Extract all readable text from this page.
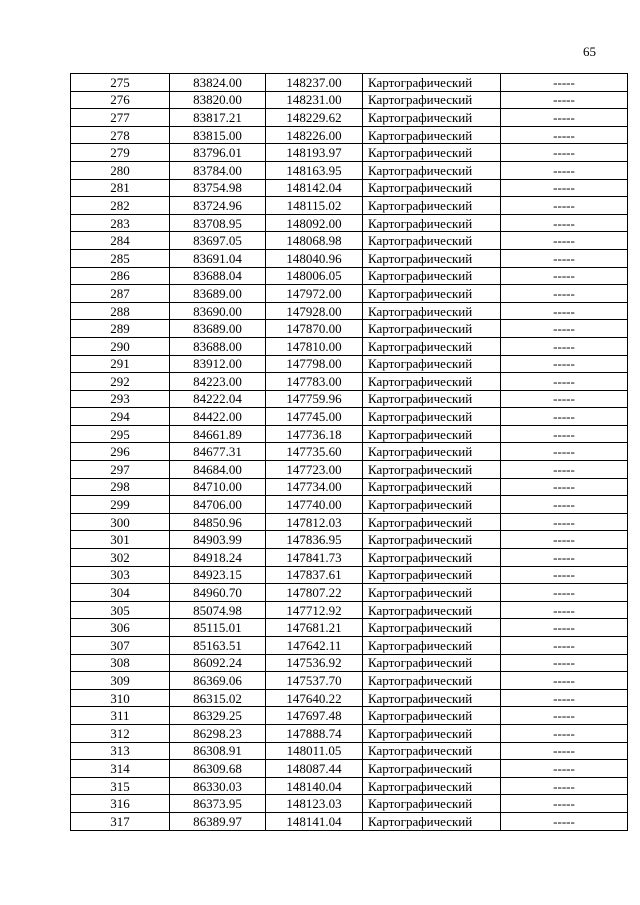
65
275	83824.00	148237.00	Картографический	-----
276	83820.00	148231.00	Картографический	-----
277	83817.21	148229.62	Картографический	-----
278	83815.00	148226.00	Картографический	-----
279	83796.01	148193.97	Картографический	-----
280	83784.00	148163.95	Картографический	-----
281	83754.98	148142.04	Картографический	-----
282	83724.96	148115.02	Картографический	-----
283	83708.95	148092.00	Картографический	-----
284	83697.05	148068.98	Картографический	-----
285	83691.04	148040.96	Картографический	-----
286	83688.04	148006.05	Картографический	-----
287	83689.00	147972.00	Картографический	-----
288	83690.00	147928.00	Картографический	-----
289	83689.00	147870.00	Картографический	-----
290	83688.00	147810.00	Картографический	-----
291	83912.00	147798.00	Картографический	-----
292	84223.00	147783.00	Картографический	-----
293	84222.04	147759.96	Картографический	-----
294	84422.00	147745.00	Картографический	-----
295	84661.89	147736.18	Картографический	-----
296	84677.31	147735.60	Картографический	-----
297	84684.00	147723.00	Картографический	-----
298	84710.00	147734.00	Картографический	-----
299	84706.00	147740.00	Картографический	-----
300	84850.96	147812.03	Картографический	-----
301	84903.99	147836.95	Картографический	-----
302	84918.24	147841.73	Картографический	-----
303	84923.15	147837.61	Картографический	-----
304	84960.70	147807.22	Картографический	-----
305	85074.98	147712.92	Картографический	-----
306	85115.01	147681.21	Картографический	-----
307	85163.51	147642.11	Картографический	-----
308	86092.24	147536.92	Картографический	-----
309	86369.06	147537.70	Картографический	-----
310	86315.02	147640.22	Картографический	-----
311	86329.25	147697.48	Картографический	-----
312	86298.23	147888.74	Картографический	-----
313	86308.91	148011.05	Картографический	-----
314	86309.68	148087.44	Картографический	-----
315	86330.03	148140.04	Картографический	-----
316	86373.95	148123.03	Картографический	-----
317	86389.97	148141.04	Картографический	-----
